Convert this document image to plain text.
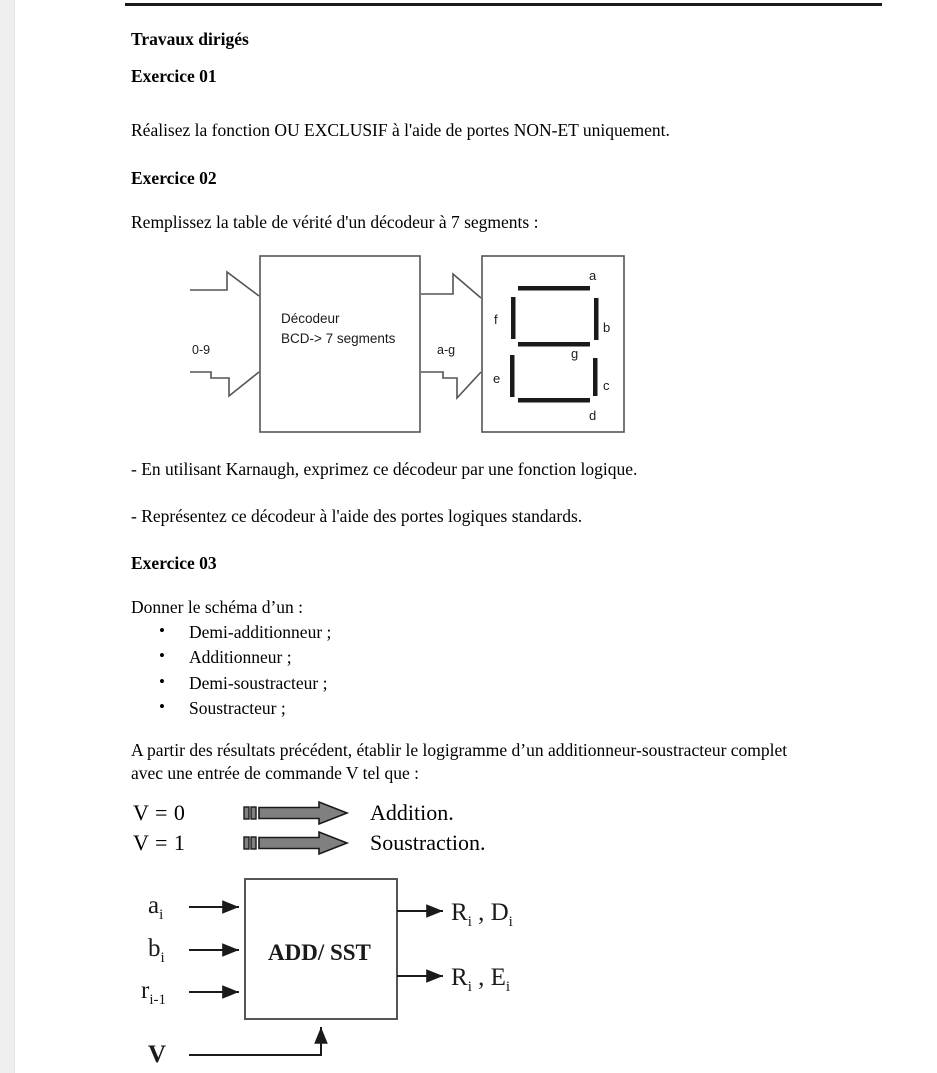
Travaux dirigés
Exercice 01
Réalisez la fonction OU EXCLUSIF à l'aide de portes NON-ET uniquement.
Exercice 02
Remplissez la table de vérité d'un décodeur à 7 segments :
- En utilisant Karnaugh, exprimez ce décodeur par une fonction logique.
- Représentez ce décodeur à l'aide des portes logiques standards.
Exercice 03
Donner le schéma d’un :
• Demi-additionneur ;
• Additionneur ;
• Demi-soustracteur ;
• Soustracteur ;
A partir des résultats précédent, établir le logigramme d’un additionneur-soustracteur complet
avec une entrée de commande V tel que :
V = 0	Addition.
V = 1	Soustraction.
0-9
Décodeur
BCD-> 7 segments
a-g
a
b
c
d
e
f
g
$a_i$
$b_i$
$r_{i-1}$
ADD/ SST
$R_i$ , $D_i$
$R_i$ , $E_i$
V
